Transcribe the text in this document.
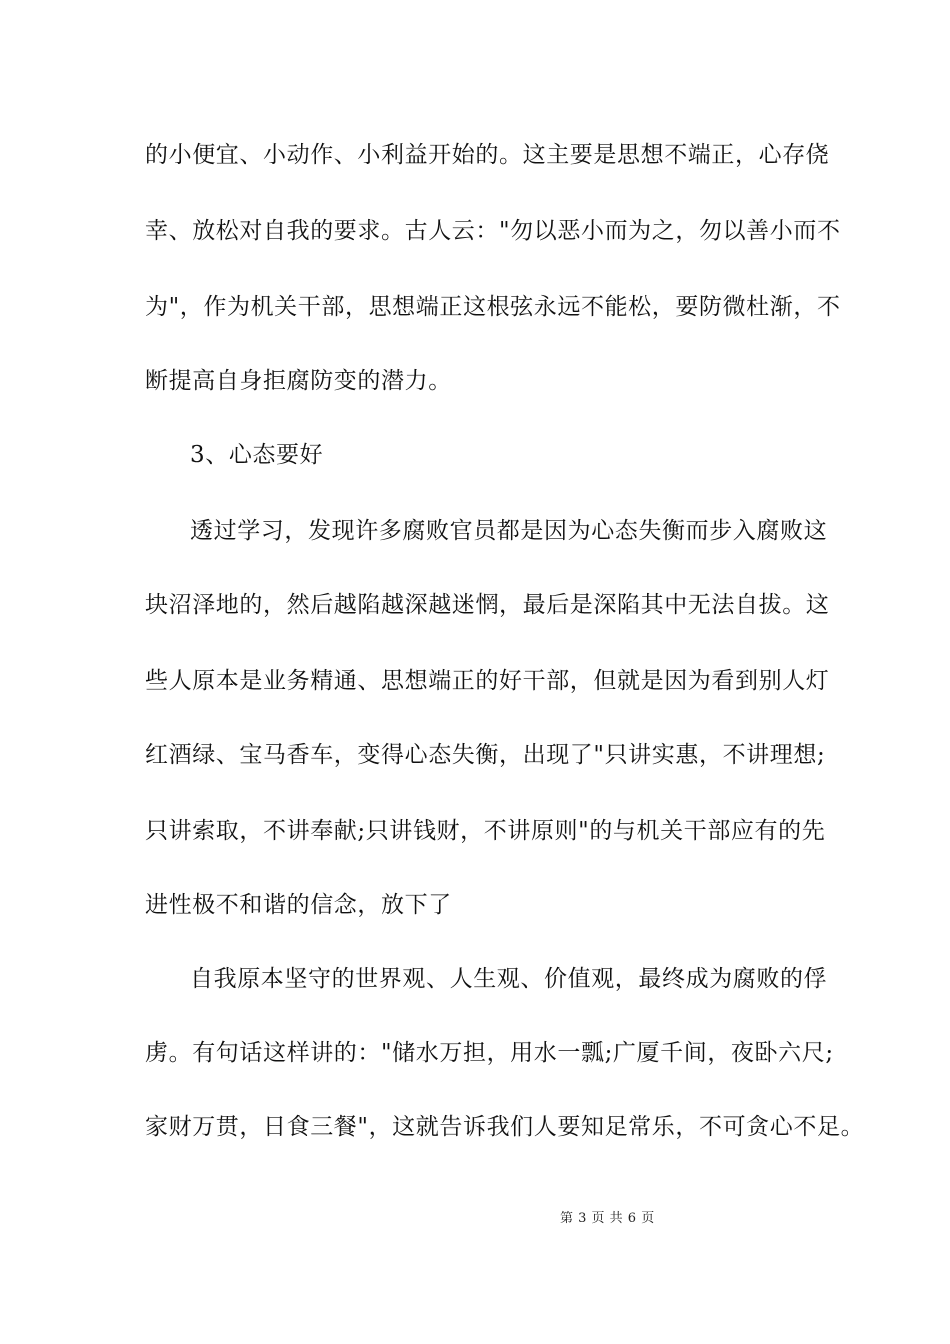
的小便宜、小动作、小利益开始的。这主要是思想不端正，心存侥
幸、放松对自我的要求。古人云："勿以恶小而为之，勿以善小而不
为"，作为机关干部，思想端正这根弦永远不能松，要防微杜渐，不
断提高自身拒腐防变的潜力。
3、心态要好
透过学习，发现许多腐败官员都是因为心态失衡而步入腐败这
块沼泽地的，然后越陷越深越迷惘，最后是深陷其中无法自拔。这
些人原本是业务精通、思想端正的好干部，但就是因为看到别人灯
红酒绿、宝马香车，变得心态失衡，出现了"只讲实惠，不讲理想;
只讲索取，不讲奉献;只讲钱财，不讲原则"的与机关干部应有的先
进性极不和谐的信念，放下了
自我原本坚守的世界观、人生观、价值观，最终成为腐败的俘
虏。有句话这样讲的："储水万担，用水一瓢;广厦千间，夜卧六尺;
家财万贯，日食三餐"，这就告诉我们人要知足常乐，不可贪心不足。
第 3 页 共 6 页
